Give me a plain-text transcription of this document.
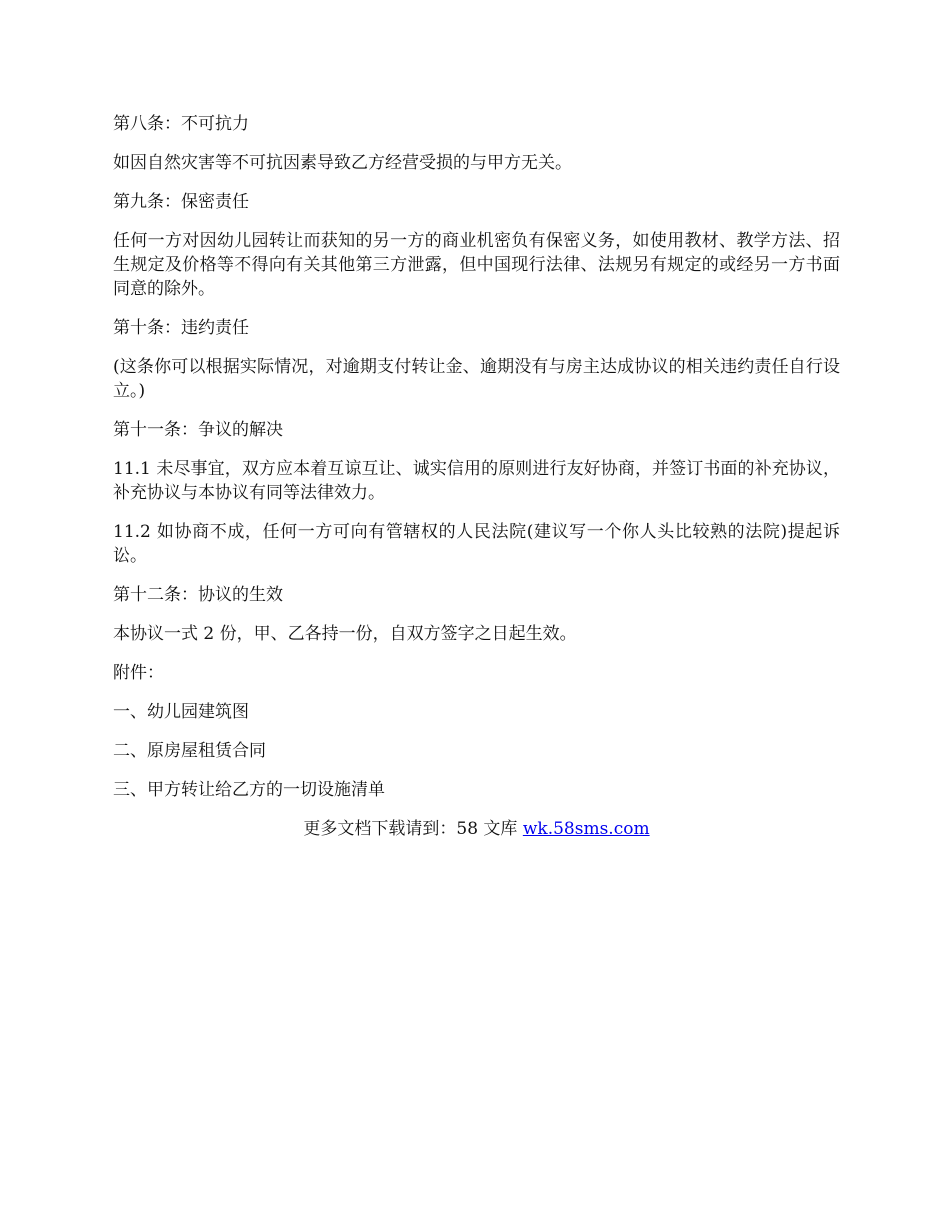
第八条：不可抗力

如因自然灾害等不可抗因素导致乙方经营受损的与甲方无关。

第九条：保密责任

任何一方对因幼儿园转让而获知的另一方的商业机密负有保密义务，如使用教材、教学方法、招生规定及价格等不得向有关其他第三方泄露，但中国现行法律、法规另有规定的或经另一方书面同意的除外。

第十条：违约责任

(这条你可以根据实际情况，对逾期支付转让金、逾期没有与房主达成协议的相关违约责任自行设立。)

第十一条：争议的解决

11.1 未尽事宜，双方应本着互谅互让、诚实信用的原则进行友好协商，并签订书面的补充协议，补充协议与本协议有同等法律效力。

11.2 如协商不成，任何一方可向有管辖权的人民法院(建议写一个你人头比较熟的法院)提起诉讼。

第十二条：协议的生效

本协议一式 2 份，甲、乙各持一份，自双方签字之日起生效。

附件：

一、幼儿园建筑图

二、原房屋租赁合同

三、甲方转让给乙方的一切设施清单

更多文档下载请到：58 文库 wk.58sms.com
